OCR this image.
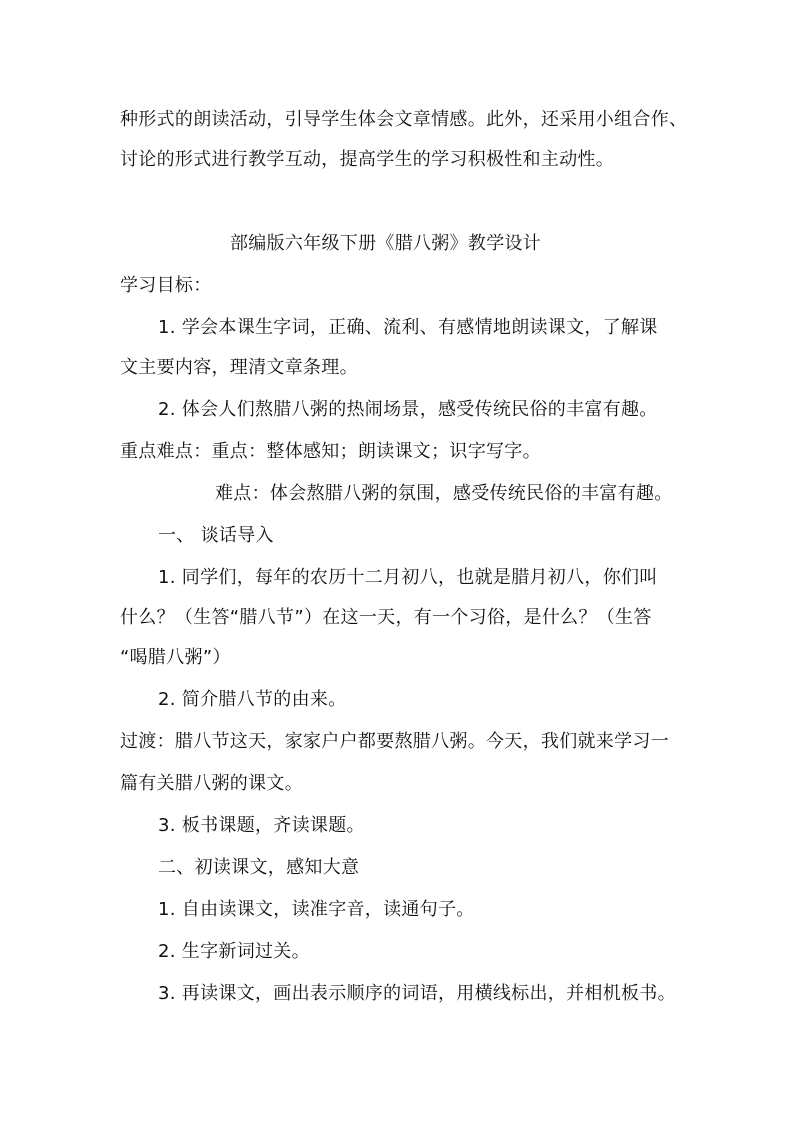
种形式的朗读活动，引导学生体会文章情感。此外，还采用小组合作、
讨论的形式进行教学互动，提高学生的学习积极性和主动性。
部编版六年级下册《腊八粥》教学设计
学习目标：
1. 学会本课生字词，正确、流利、有感情地朗读课文，了解课
文主要内容，理清文章条理。
2. 体会人们熬腊八粥的热闹场景，感受传统民俗的丰富有趣。
重点难点：重点：整体感知；朗读课文；识字写字。
难点：体会熬腊八粥的氛围，感受传统民俗的丰富有趣。
一、 谈话导入
1. 同学们，每年的农历十二月初八，也就是腊月初八，你们叫
什么？（生答“腊八节”）在这一天，有一个习俗，是什么？（生答
“喝腊八粥”）
2. 简介腊八节的由来。
过渡：腊八节这天，家家户户都要熬腊八粥。今天，我们就来学习一
篇有关腊八粥的课文。
3. 板书课题，齐读课题。
二、初读课文，感知大意
1. 自由读课文，读准字音，读通句子。
2. 生字新词过关。
3. 再读课文，画出表示顺序的词语，用横线标出，并相机板书。
